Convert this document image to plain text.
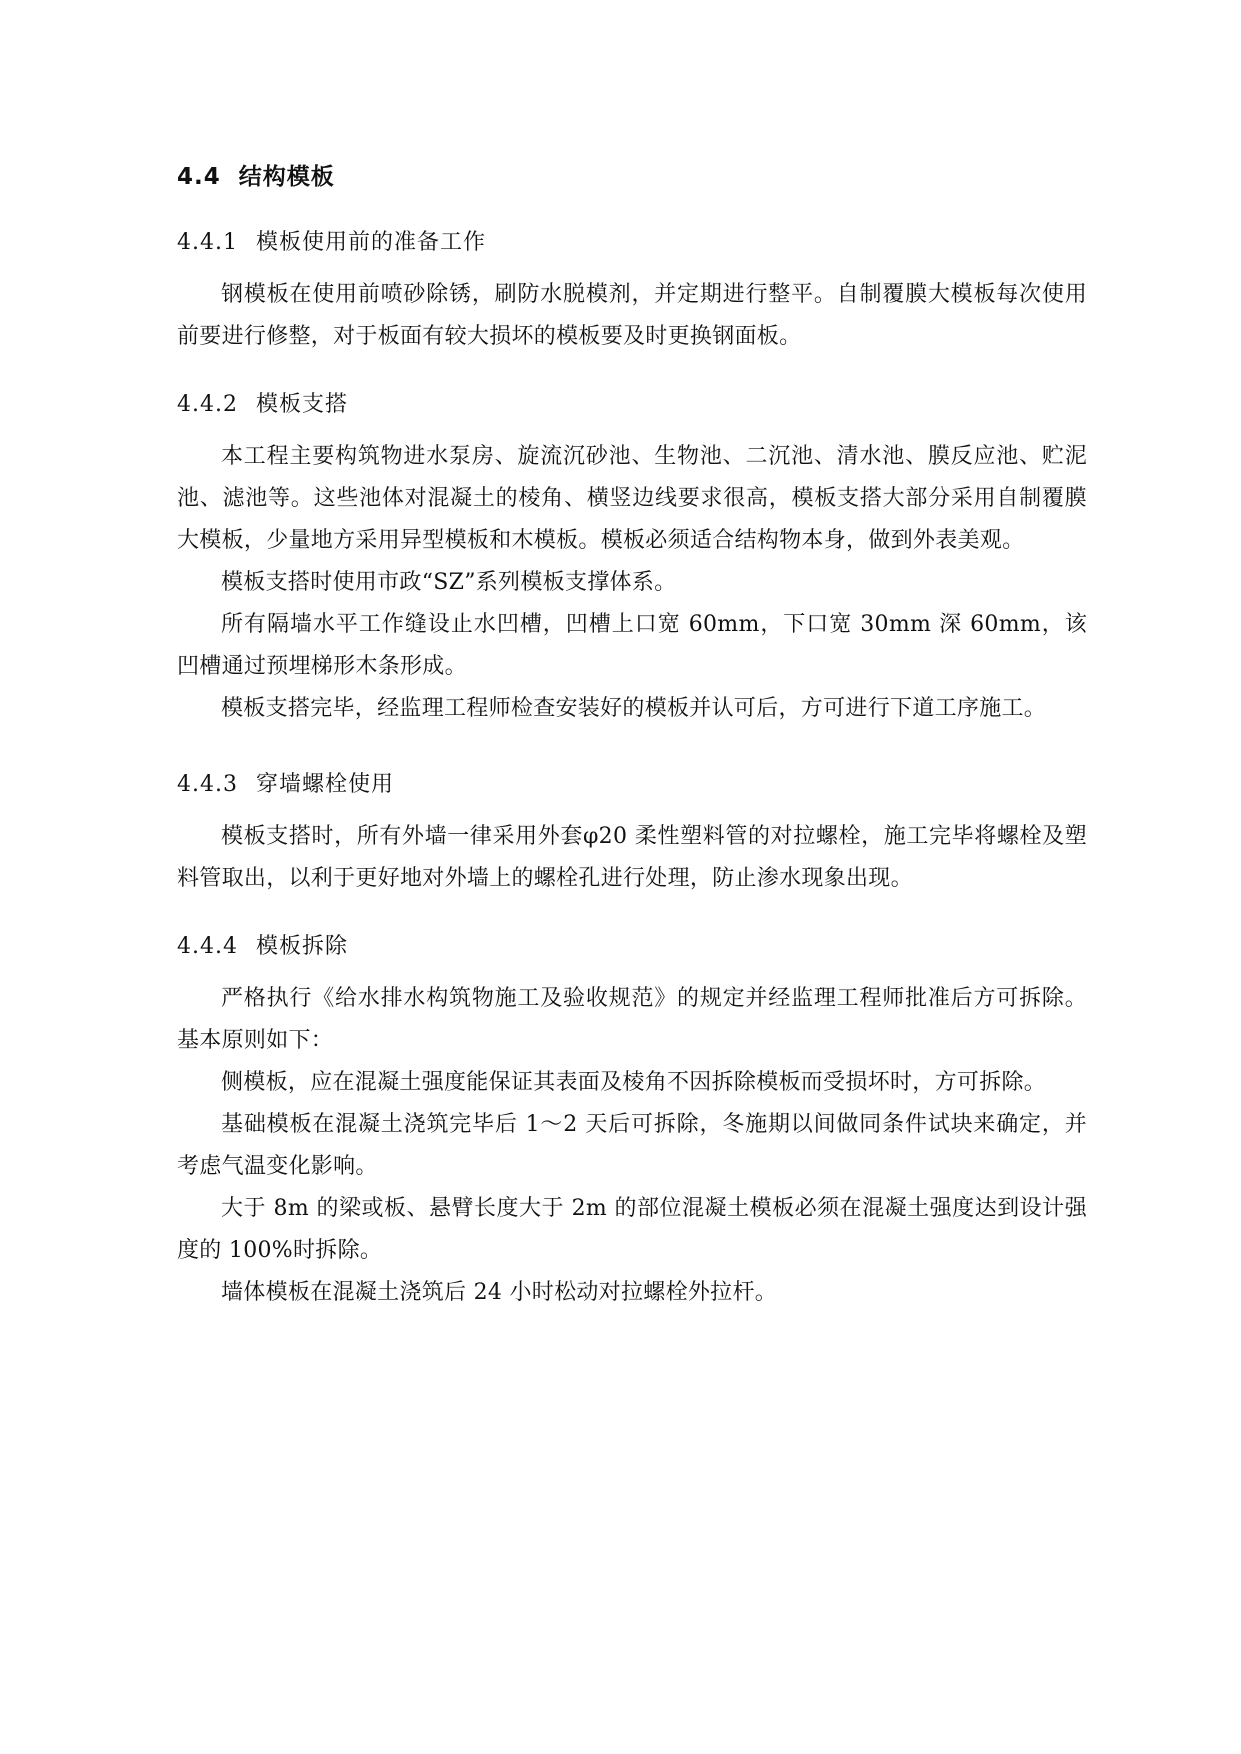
4.4 结构模板
4.4.1 模板使用前的准备工作

钢模板在使用前喷砂除锈，刷防水脱模剂，并定期进行整平。自制覆膜大模板每次使用前要进行修整，对于板面有较大损坏的模板要及时更换钢面板。

4.4.2 模板支搭

本工程主要构筑物进水泵房、旋流沉砂池、生物池、二沉池、清水池、膜反应池、贮泥池、滤池等。这些池体对混凝土的棱角、横竖边线要求很高，模板支搭大部分采用自制覆膜大模板，少量地方采用异型模板和木模板。模板必须适合结构物本身，做到外表美观。

模板支搭时使用市政“SZ”系列模板支撑体系。

所有隔墙水平工作缝设止水凹槽，凹槽上口宽 60mm，下口宽 30mm 深 60mm，该凹槽通过预埋梯形木条形成。

模板支搭完毕，经监理工程师检查安装好的模板并认可后，方可进行下道工序施工。

4.4.3 穿墙螺栓使用

模板支搭时，所有外墙一律采用外套φ20 柔性塑料管的对拉螺栓，施工完毕将螺栓及塑料管取出，以利于更好地对外墙上的螺栓孔进行处理，防止渗水现象出现。

4.4.4 模板拆除

严格执行《给水排水构筑物施工及验收规范》的规定并经监理工程师批准后方可拆除。基本原则如下：

侧模板，应在混凝土强度能保证其表面及棱角不因拆除模板而受损坏时，方可拆除。

基础模板在混凝土浇筑完毕后 1～2 天后可拆除，冬施期以间做同条件试块来确定，并考虑气温变化影响。

大于 8m 的梁或板、悬臂长度大于 2m 的部位混凝土模板必须在混凝土强度达到设计强度的 100%时拆除。

墙体模板在混凝土浇筑后 24 小时松动对拉螺栓外拉杆。
